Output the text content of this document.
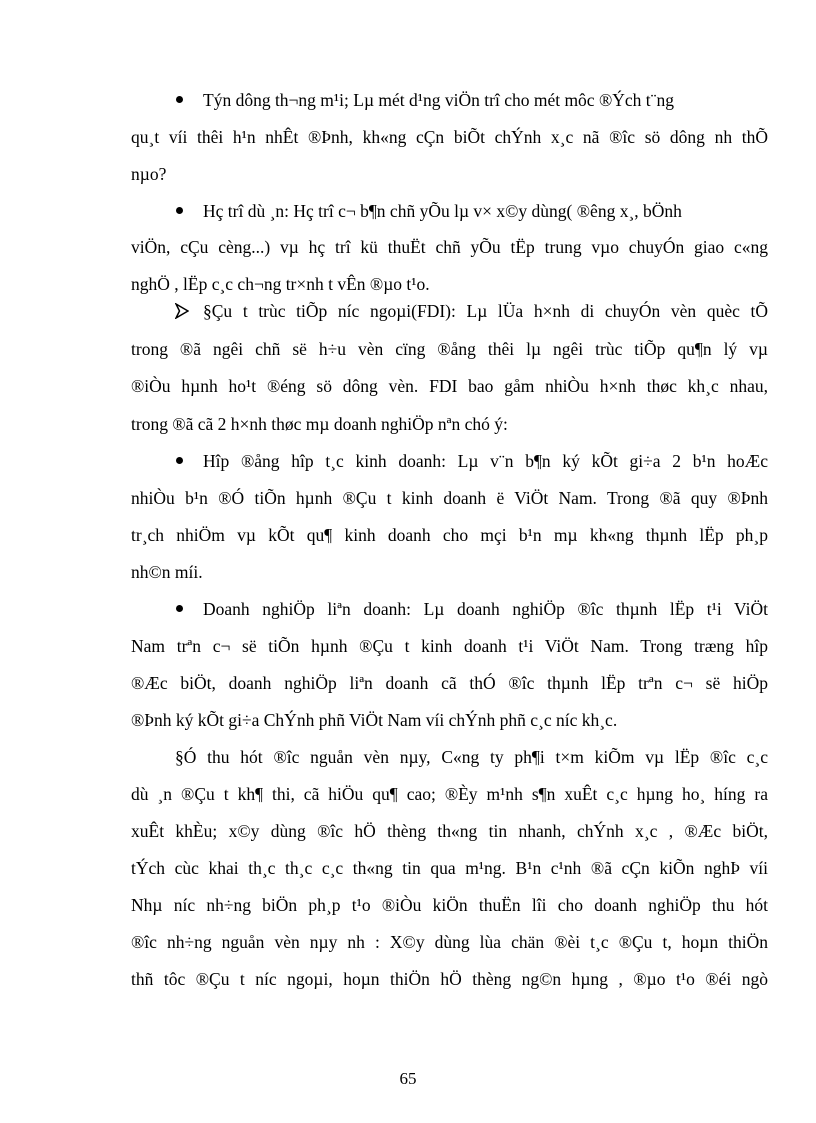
Týn dông th¬ng m¹i; Lµ mét d¹ng viÖn trî cho mét môc ®Ých t¨ng
qu¸t víi thêi h¹n nhÊt ®Þnh, kh«ng cÇn biÕt chÝnh x¸c nã ®îc sö dông nh thÕ
nµo?
Hç trî dù ¸n: Hç trî c¬ b¶n chñ yÕu lµ v× x©y dùng( ®êng x¸, bÖnh
viÖn, cÇu cèng...) vµ hç trî kü thuËt chñ yÕu tËp trung vµo chuyÓn giao c«ng
nghÖ , lËp c¸c ch¬ng tr×nh t vÊn ®µo t¹o.
§Çu t trùc tiÕp níc ngoµi(FDI): Lµ lÜa h×nh di chuyÓn vèn quèc tÕ
trong ®ã ngêi chñ së h÷u vèn cïng ®ång thêi lµ ngêi trùc tiÕp qu¶n lý vµ
®iÒu hµnh ho¹t ®éng sö dông vèn. FDI bao gåm nhiÒu h×nh thøc kh¸c nhau,
trong ®ã cã 2 h×nh thøc mµ doanh nghiÖp nªn chó ý:
Hîp ®ång hîp t¸c kinh doanh: Lµ v¨n b¶n ký kÕt gi÷a 2 b¹n hoÆc
nhiÒu b¹n ®Ó tiÕn hµnh ®Çu t kinh doanh ë ViÖt Nam. Trong ®ã quy ®Þnh
tr¸ch nhiÖm vµ kÕt qu¶ kinh doanh cho mçi b¹n mµ kh«ng thµnh lËp ph¸p
nh©n míi.
Doanh nghiÖp liªn doanh: Lµ doanh nghiÖp ®îc thµnh lËp t¹i ViÖt
Nam trªn c¬ së tiÕn hµnh ®Çu t kinh doanh t¹i ViÖt Nam. Trong træng hîp
®Æc biÖt, doanh nghiÖp liªn doanh cã thÓ ®îc thµnh lËp trªn c¬ së hiÖp
®Þnh ký kÕt gi÷a ChÝnh phñ ViÖt Nam víi chÝnh phñ c¸c níc kh¸c.
§Ó thu hót ®îc nguån vèn nµy, C«ng ty ph¶i t×m kiÕm vµ lËp ®îc c¸c
dù ¸n ®Çu t kh¶ thi, cã hiÖu qu¶ cao; ®Èy m¹nh s¶n xuÊt c¸c hµng ho¸ híng ra
xuÊt khÈu; x©y dùng ®îc hÖ thèng th«ng tin nhanh, chÝnh x¸c , ®Æc biÖt,
tÝch cùc khai th¸c th¸c c¸c th«ng tin qua m¹ng. B¹n c¹nh ®ã cÇn kiÕn nghÞ víi
Nhµ níc nh÷ng biÖn ph¸p t¹o ®iÒu kiÖn thuËn lîi cho doanh nghiÖp thu hót
®îc nh÷ng nguån vèn nµy nh : X©y dùng lùa chän ®èi t¸c ®Çu t, hoµn thiÖn
thñ tôc ®Çu t níc ngoµi, hoµn thiÖn hÖ thèng ng©n hµng , ®µo t¹o ®éi ngò
65
